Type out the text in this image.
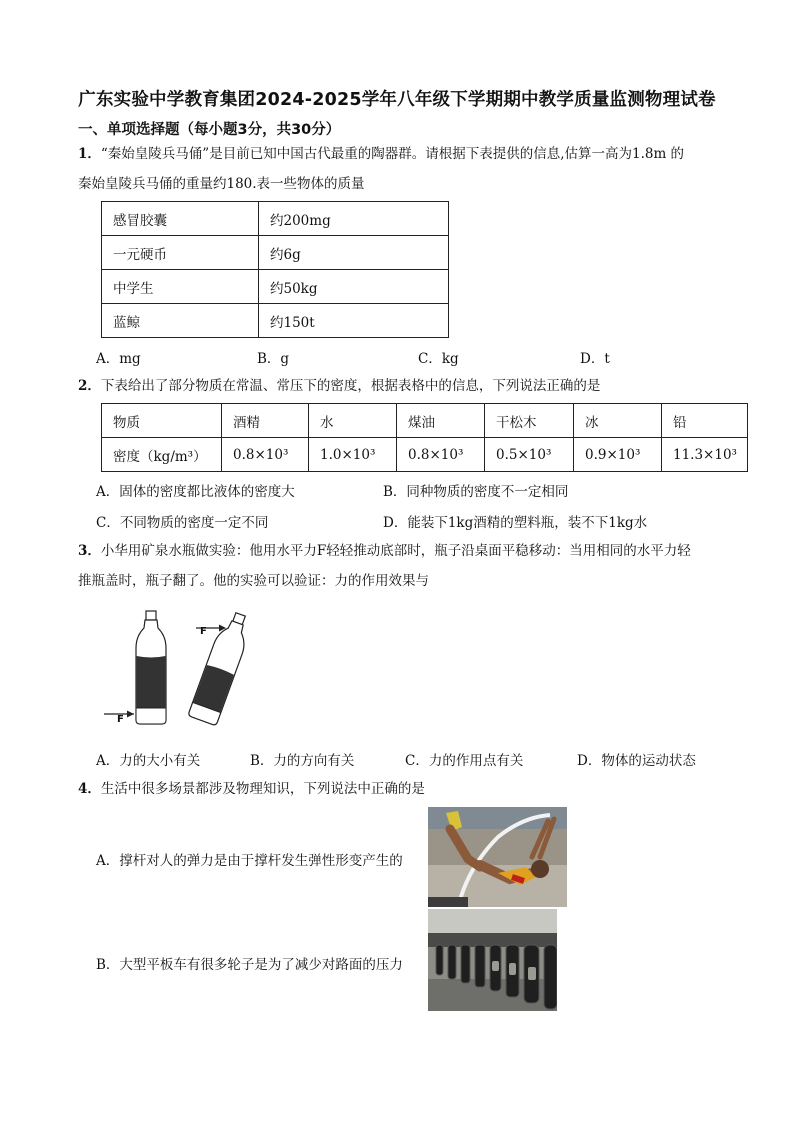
广东实验中学教育集团2024-2025学年八年级下学期期中教学质量监测物理试卷
一、单项选择题（每小题3分，共30分）
1．“秦始皇陵兵马俑”是目前已知中国古代最重的陶器群。请根据下表提供的信息,估算一高为1.8m 的
秦始皇陵兵马俑的重量约180.表一些物体的质量
感冒胶囊	约200mg
一元硬币	约6g
中学生	约50kg
蓝鲸	约150t
A．mg	B．g	C．kg	D．t
2．下表给出了部分物质在常温、常压下的密度，根据表格中的信息，下列说法正确的是
物质	酒精	水	煤油	干松木	冰	铅
密度（kg/m³）	0.8×10³	1.0×10³	0.8×10³	0.5×10³	0.9×10³	11.3×10³
A．固体的密度都比液体的密度大	B．同种物质的密度不一定相同
C．不同物质的密度一定不同	D．能装下1kg酒精的塑料瓶，装不下1kg水
3．小华用矿泉水瓶做实验：他用水平力F轻轻推动底部时，瓶子沿桌面平稳移动：当用相同的水平力轻
推瓶盖时，瓶子翻了。他的实验可以验证：力的作用效果与
F
F
A．力的大小有关	B．力的方向有关	C．力的作用点有关	D．物体的运动状态
4．生活中很多场景都涉及物理知识，下列说法中正确的是
A．撑杆对人的弹力是由于撑杆发生弹性形变产生的
B．大型平板车有很多轮子是为了减少对路面的压力
